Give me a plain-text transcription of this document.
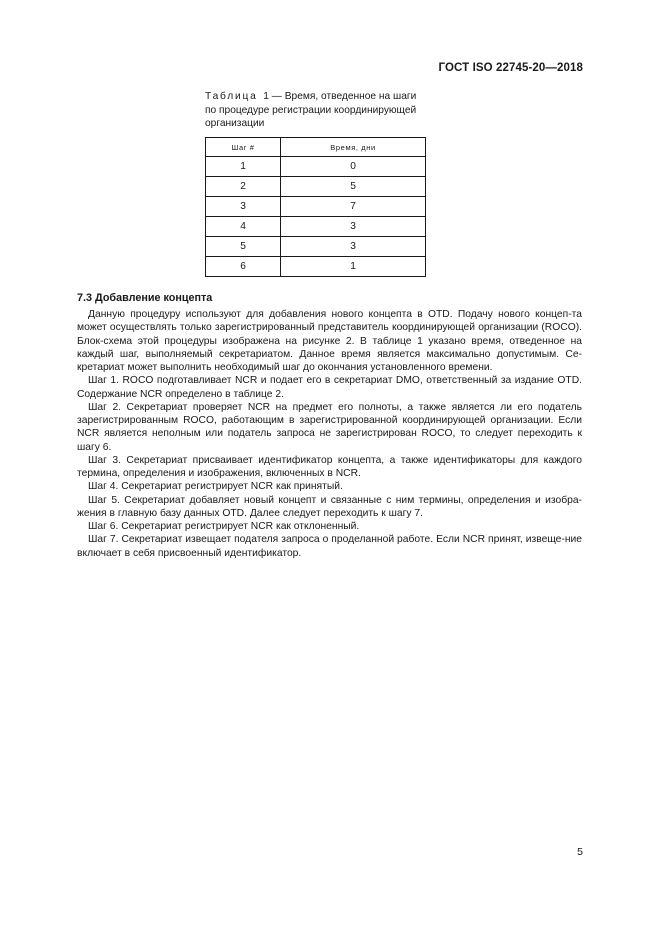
ГОСТ ISO 22745-20—2018
Таблица 1 — Время, отведенное на шаги по процедуре регистрации координирующей организации
Шаг #	Время, дни
1	0
2	5
3	7
4	3
5	3
6	1
7.3 Добавление концепта

Данную процедуру используют для добавления нового концепта в OTD. Подачу нового концеп-та может осуществлять только зарегистрированный представитель координирующей организации (ROCO). Блок-схема этой процедуры изображена на рисунке 2. В таблице 1 указано время, отведенное на каждый шаг, выполняемый секретариатом. Данное время является максимально допустимым. Се-кретариат может выполнить необходимый шаг до окончания установленного времени.

Шаг 1. ROCO подготавливает NCR и подает его в секретариат DMO, ответственный за издание OTD. Содержание NCR определено в таблице 2.

Шаг 2. Секретариат проверяет NCR на предмет его полноты, а также является ли его податель зарегистрированным ROCO, работающим в зарегистрированной координирующей организации. Если NCR является неполным или податель запроса не зарегистрирован ROCO, то следует переходить к шагу 6.

Шаг 3. Секретариат присваивает идентификатор концепта, а также идентификаторы для каждого термина, определения и изображения, включенных в NCR.

Шаг 4. Секретариат регистрирует NCR как принятый.

Шаг 5. Секретариат добавляет новый концепт и связанные с ним термины, определения и изобра-жения в главную базу данных OTD. Далее следует переходить к шагу 7.

Шаг 6. Секретариат регистрирует NCR как отклоненный.

Шаг 7. Секретариат извещает подателя запроса о проделанной работе. Если NCR принят, извеще-ние включает в себя присвоенный идентификатор.

5
